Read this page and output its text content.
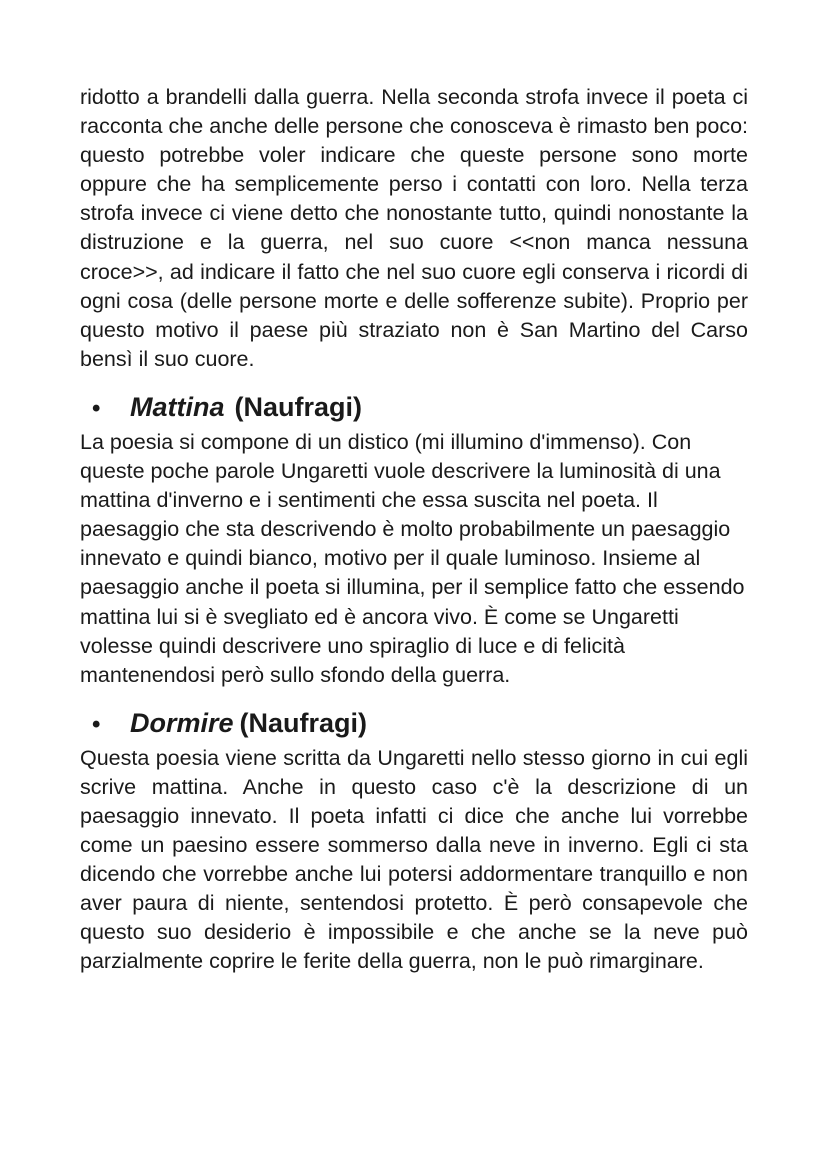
ridotto a brandelli dalla guerra. Nella seconda strofa invece il poeta ci racconta che anche delle persone che conosceva è rimasto ben poco: questo potrebbe voler indicare che queste persone sono morte oppure che ha semplicemente perso i contatti con loro. Nella terza strofa invece ci viene detto che nonostante tutto, quindi nonostante la distruzione e la guerra, nel suo cuore <<non manca nessuna croce>>, ad indicare il fatto che nel suo cuore egli conserva i ricordi di ogni cosa (delle persone morte e delle sofferenze subite). Proprio per questo motivo il paese più straziato non è San Martino del Carso bensì il suo cuore.

•	Mattina (Naufragi)

La poesia si compone di un distico (mi illumino d'immenso). Con queste poche parole Ungaretti vuole descrivere la luminosità di una mattina d'inverno e i sentimenti che essa suscita nel poeta. Il paesaggio che sta descrivendo è molto probabilmente un paesaggio innevato e quindi bianco, motivo per il quale luminoso. Insieme al paesaggio anche il poeta si illumina, per il semplice fatto che essendo mattina lui si è svegliato ed è ancora vivo. È come se Ungaretti volesse quindi descrivere uno spiraglio di luce e di felicità mantenendosi però sullo sfondo della guerra.

•	Dormire (Naufragi)

Questa poesia viene scritta da Ungaretti nello stesso giorno in cui egli scrive mattina. Anche in questo caso c'è la descrizione di un paesaggio innevato. Il poeta infatti ci dice che anche lui vorrebbe come un paesino essere sommerso dalla neve in inverno. Egli ci sta dicendo che vorrebbe anche lui potersi addormentare tranquillo e non aver paura di niente, sentendosi protetto. È però consapevole che questo suo desiderio è impossibile e che anche se la neve può parzialmente coprire le ferite della guerra, non le può rimarginare.
